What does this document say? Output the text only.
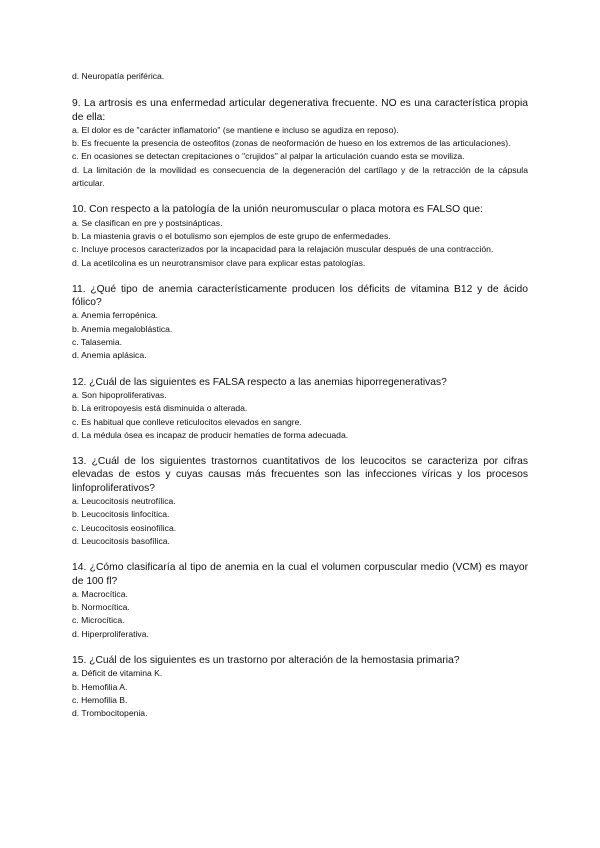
d. Neuropatía periférica.

9. La artrosis es una enfermedad articular degenerativa frecuente. NO es una característica propia de ella:

a. El dolor es de "carácter inflamatorio" (se mantiene e incluso se agudiza en reposo).

b. Es frecuente la presencia de osteofitos (zonas de neoformación de hueso en los extremos de las articulaciones).

c. En ocasiones se detectan crepitaciones o "crujidos" al palpar la articulación cuando esta se moviliza.

d. La limitación de la movilidad es consecuencia de la degeneración del cartílago y de la retracción de la cápsula articular.

10. Con respecto a la patología de la unión neuromuscular o placa motora es FALSO que:

a. Se clasifican en pre y postsinápticas.

b. La miastenia gravis o el botulismo son ejemplos de este grupo de enfermedades.

c. Incluye procesos caracterizados por la incapacidad para la relajación muscular después de una contracción.

d. La acetilcolina es un neurotransmisor clave para explicar estas patologías.

11. ¿Qué tipo de anemia característicamente producen los déficits de vitamina B12 y de ácido fólico?

a. Anemia ferropénica.

b. Anemia megaloblástica.

c. Talasemia.

d. Anemia aplásica.

12. ¿Cuál de las siguientes es FALSA respecto a las anemias hiporregenerativas?

a. Son hipoproliferativas.

b. La eritropoyesis está disminuida o alterada.

c. Es habitual que conlleve reticulocitos elevados en sangre.

d. La médula ósea es incapaz de producir hematíes de forma adecuada.

13. ¿Cuál de los siguientes trastornos cuantitativos de los leucocitos se caracteriza por cifras elevadas de estos y cuyas causas más frecuentes son las infecciones víricas y los procesos linfoproliferativos?

a. Leucocitosis neutrofílica.

b. Leucocitosis linfocítica.

c. Leucocitosis eosinofílica.

d. Leucocitosis basofílica.

14. ¿Cómo clasificaría al tipo de anemia en la cual el volumen corpuscular medio (VCM) es mayor de 100 fl?

a. Macrocítica.

b. Normocítica.

c. Microcítica.

d. Hiperproliferativa.

15. ¿Cuál de los siguientes es un trastorno por alteración de la hemostasia primaria?

a. Déficit de vitamina K.

b. Hemofilia A.

c. Hemofilia B.

d. Trombocitopenia.
